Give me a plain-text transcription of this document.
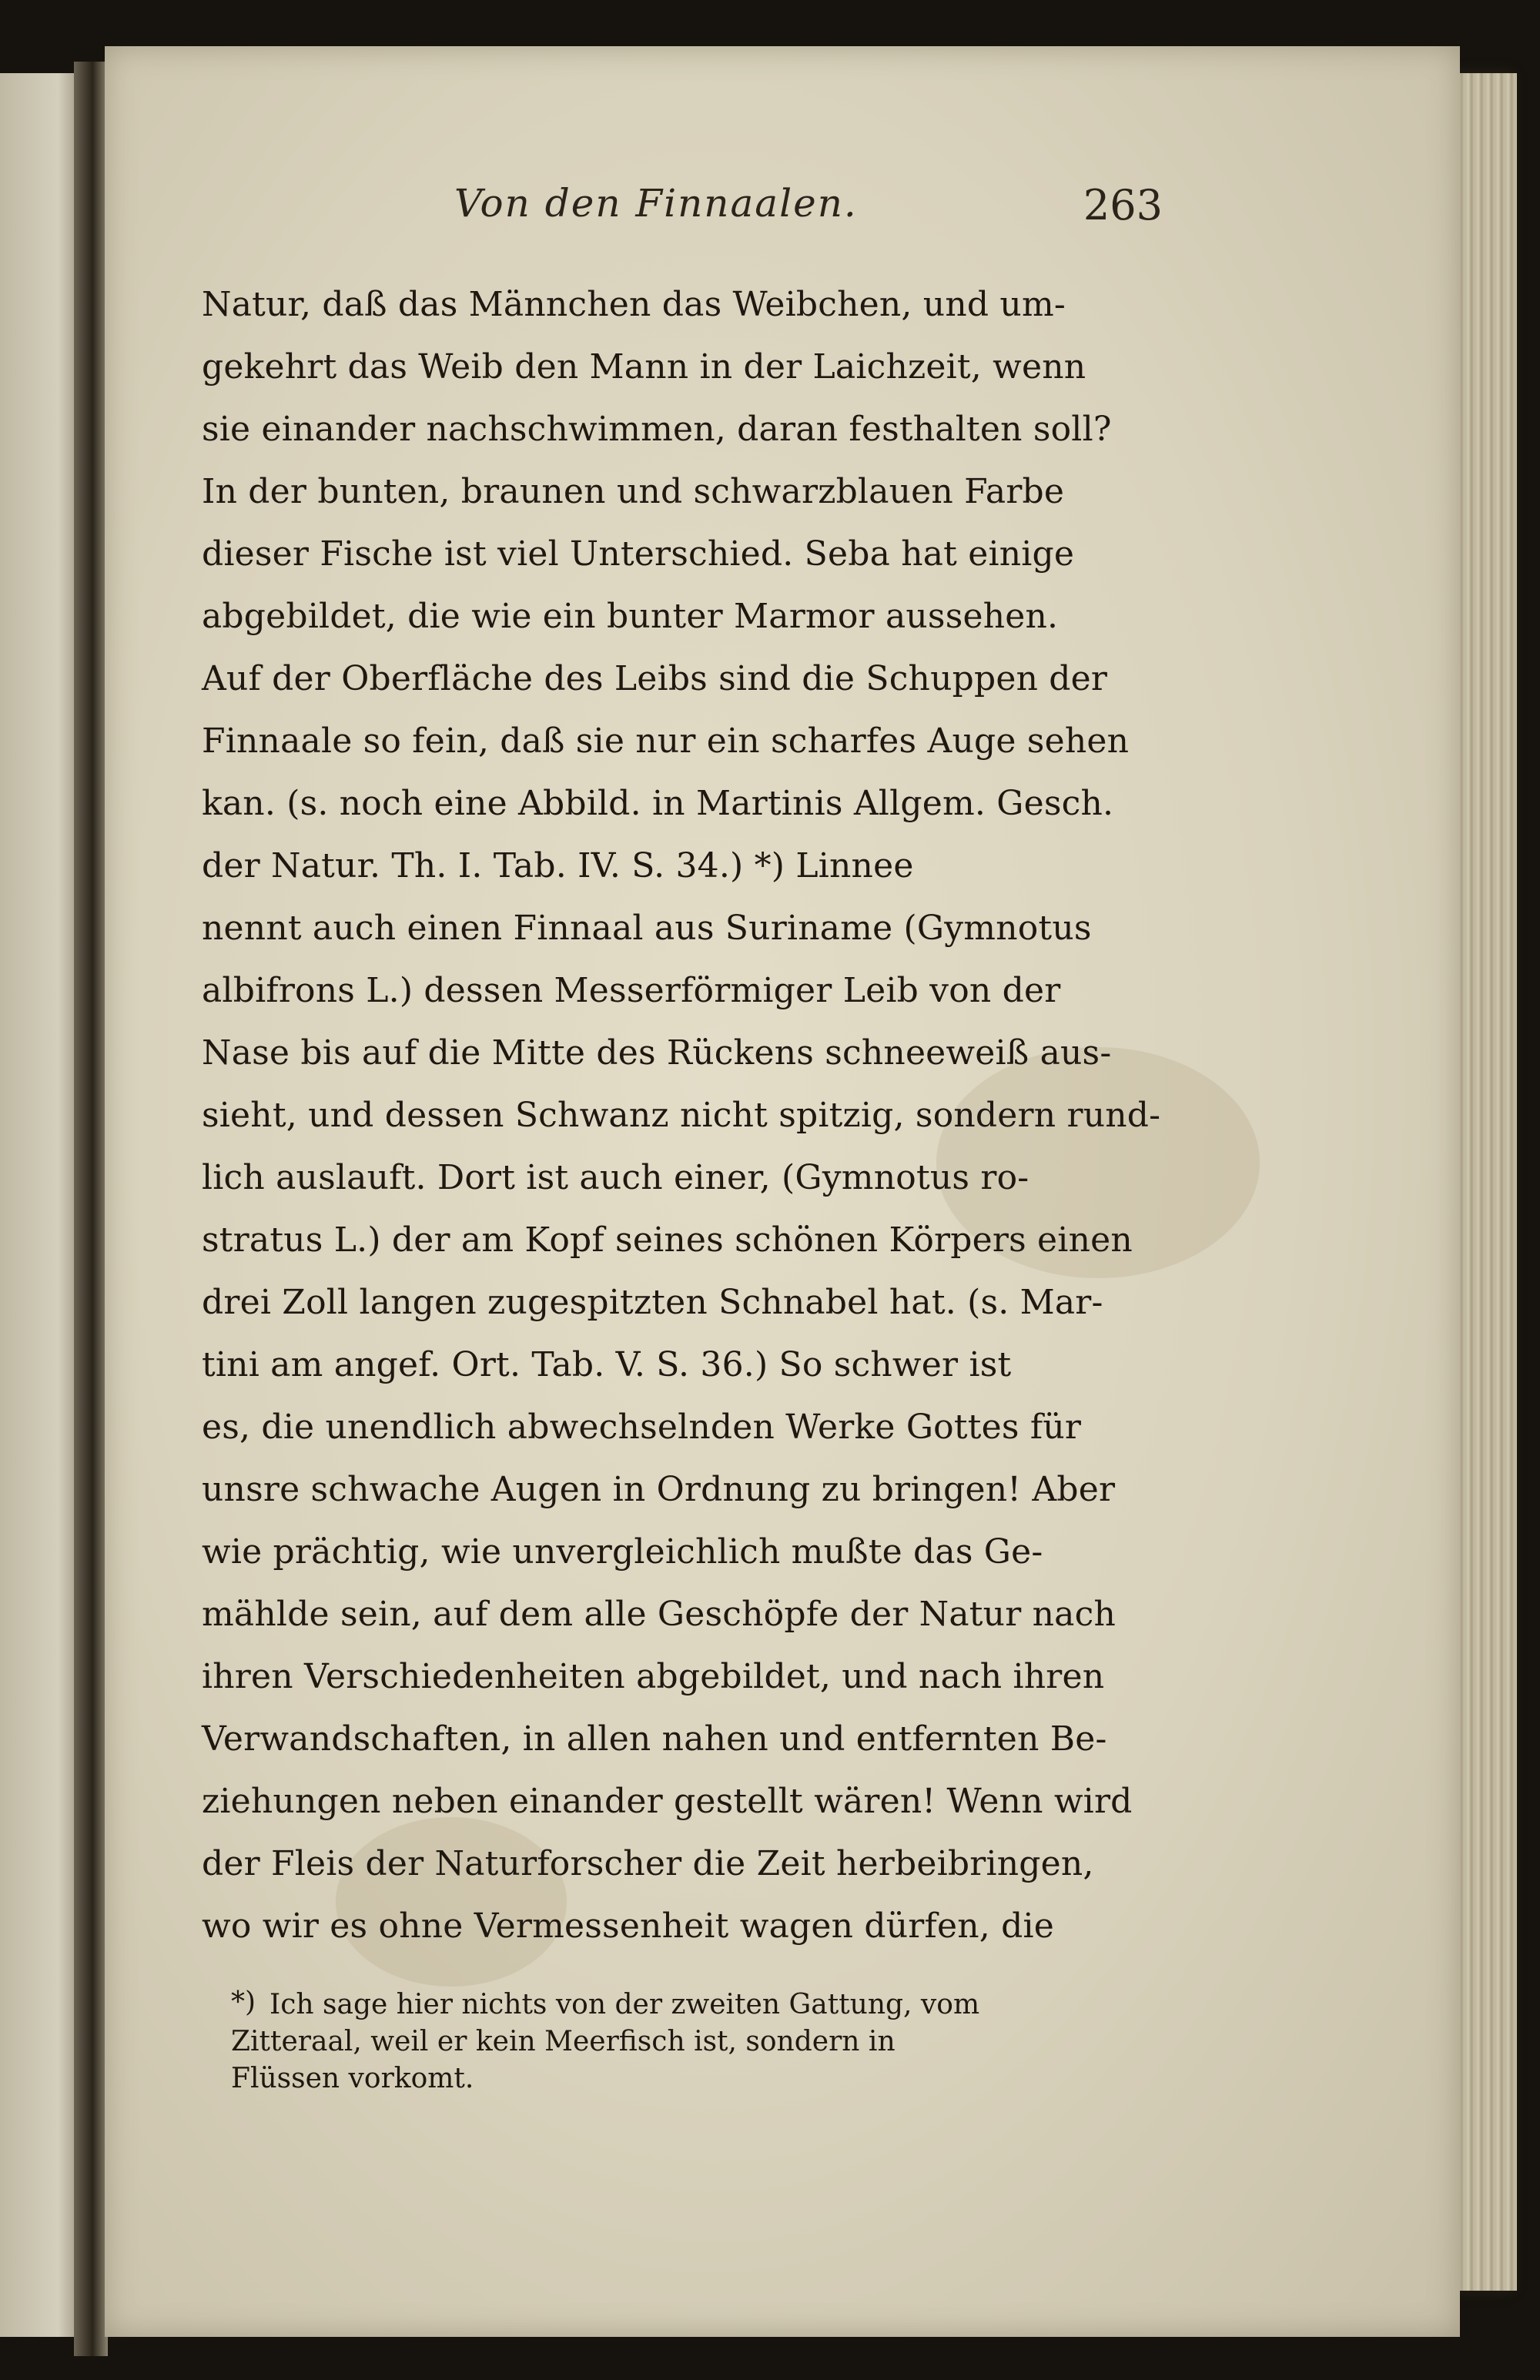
Von den Finnaalen.	263
Natur, daß das Männchen das Weibchen, und um-
gekehrt das Weib den Mann in der Laichzeit, wenn
sie einander nachschwimmen, daran festhalten soll?
In der bunten, braunen und schwarzblauen Farbe
dieser Fische ist viel Unterschied. Seba hat einige
abgebildet, die wie ein bunter Marmor aussehen.
Auf der Oberfläche des Leibs sind die Schuppen der
Finnaale so fein, daß sie nur ein scharfes Auge sehen
kan. (s. noch eine Abbild. in Martinis Allgem. Gesch.
der Natur. Th. I. Tab. IV. S. 34.) *) Linnee
nennt auch einen Finnaal aus Suriname (Gymnotus
albifrons L.) dessen Messerförmiger Leib von der
Nase bis auf die Mitte des Rückens schneeweiß aus-
sieht, und dessen Schwanz nicht spitzig, sondern rund-
lich auslauft. Dort ist auch einer, (Gymnotus ro-
stratus L.) der am Kopf seines schönen Körpers einen
drei Zoll langen zugespitzten Schnabel hat. (s. Mar-
tini am angef. Ort. Tab. V. S. 36.) So schwer ist
es, die unendlich abwechselnden Werke Gottes für
unsre schwache Augen in Ordnung zu bringen! Aber
wie prächtig, wie unvergleichlich mußte das Ge-
mählde sein, auf dem alle Geschöpfe der Natur nach
ihren Verschiedenheiten abgebildet, und nach ihren
Verwandschaften, in allen nahen und entfernten Be-
ziehungen neben einander gestellt wären! Wenn wird
der Fleis der Naturforscher die Zeit herbeibringen,
wo wir es ohne Vermessenheit wagen dürfen, die
*) Ich sage hier nichts von der zweiten Gattung, vom
Zitteraal, weil er kein Meerfisch ist, sondern in
Flüssen vorkomt.
